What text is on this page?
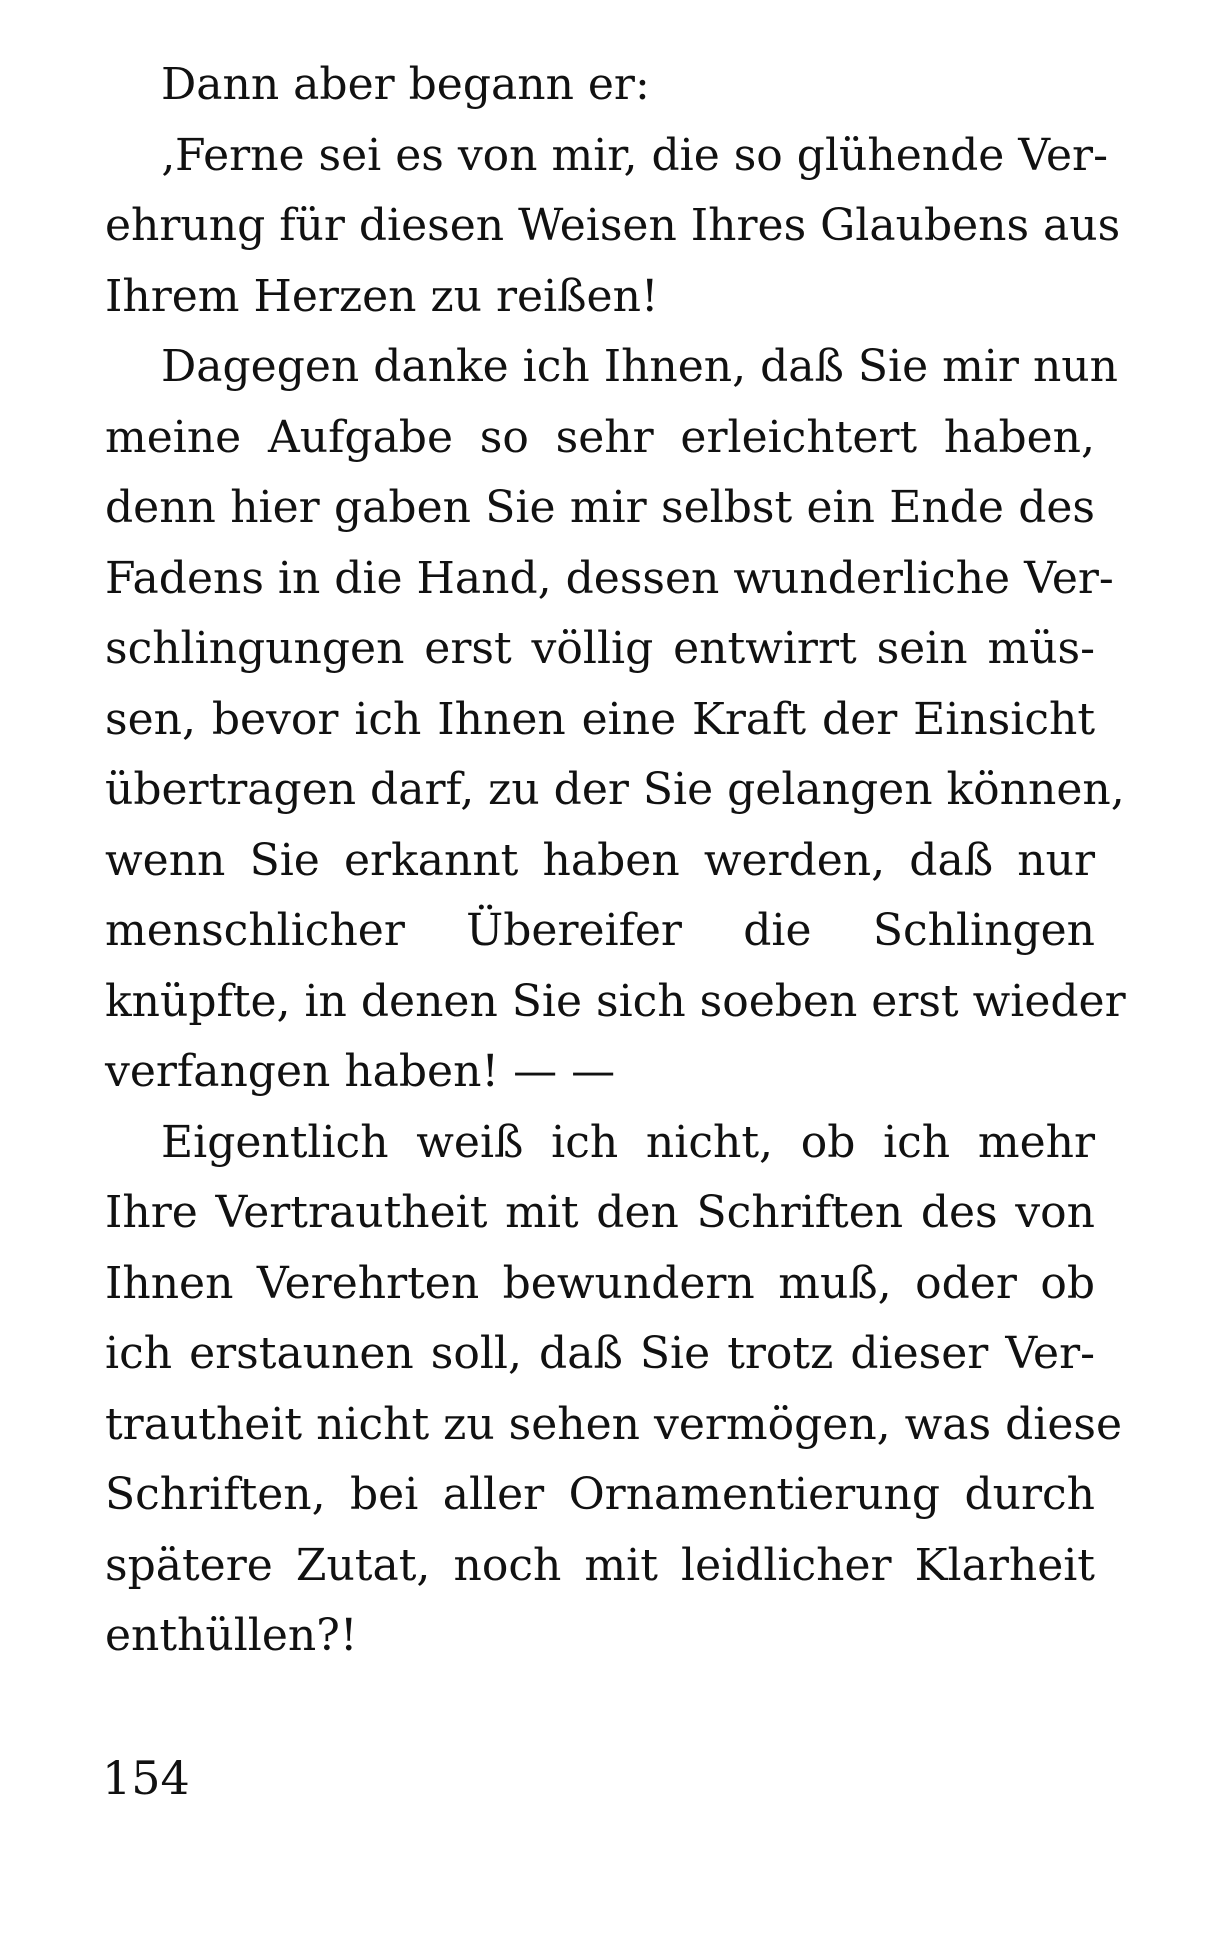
Dann aber begann er:
‚Ferne sei es von mir, die so glühende Ver-
ehrung für diesen Weisen Ihres Glaubens aus
Ihrem Herzen zu reißen!
Dagegen danke ich Ihnen, daß Sie mir nun
meine Aufgabe so sehr erleichtert haben,
denn hier gaben Sie mir selbst ein Ende des
Fadens in die Hand, dessen wunderliche Ver-
schlingungen erst völlig entwirrt sein müs-
sen, bevor ich Ihnen eine Kraft der Einsicht
übertragen darf, zu der Sie gelangen können,
wenn Sie erkannt haben werden, daß nur
menschlicher Übereifer die Schlingen
knüpfte, in denen Sie sich soeben erst wieder
verfangen haben! — —
Eigentlich weiß ich nicht, ob ich mehr
Ihre Vertrautheit mit den Schriften des von
Ihnen Verehrten bewundern muß, oder ob
ich erstaunen soll, daß Sie trotz dieser Ver-
trautheit nicht zu sehen vermögen, was diese
Schriften, bei aller Ornamentierung durch
spätere Zutat, noch mit leidlicher Klarheit
enthüllen?!
154
